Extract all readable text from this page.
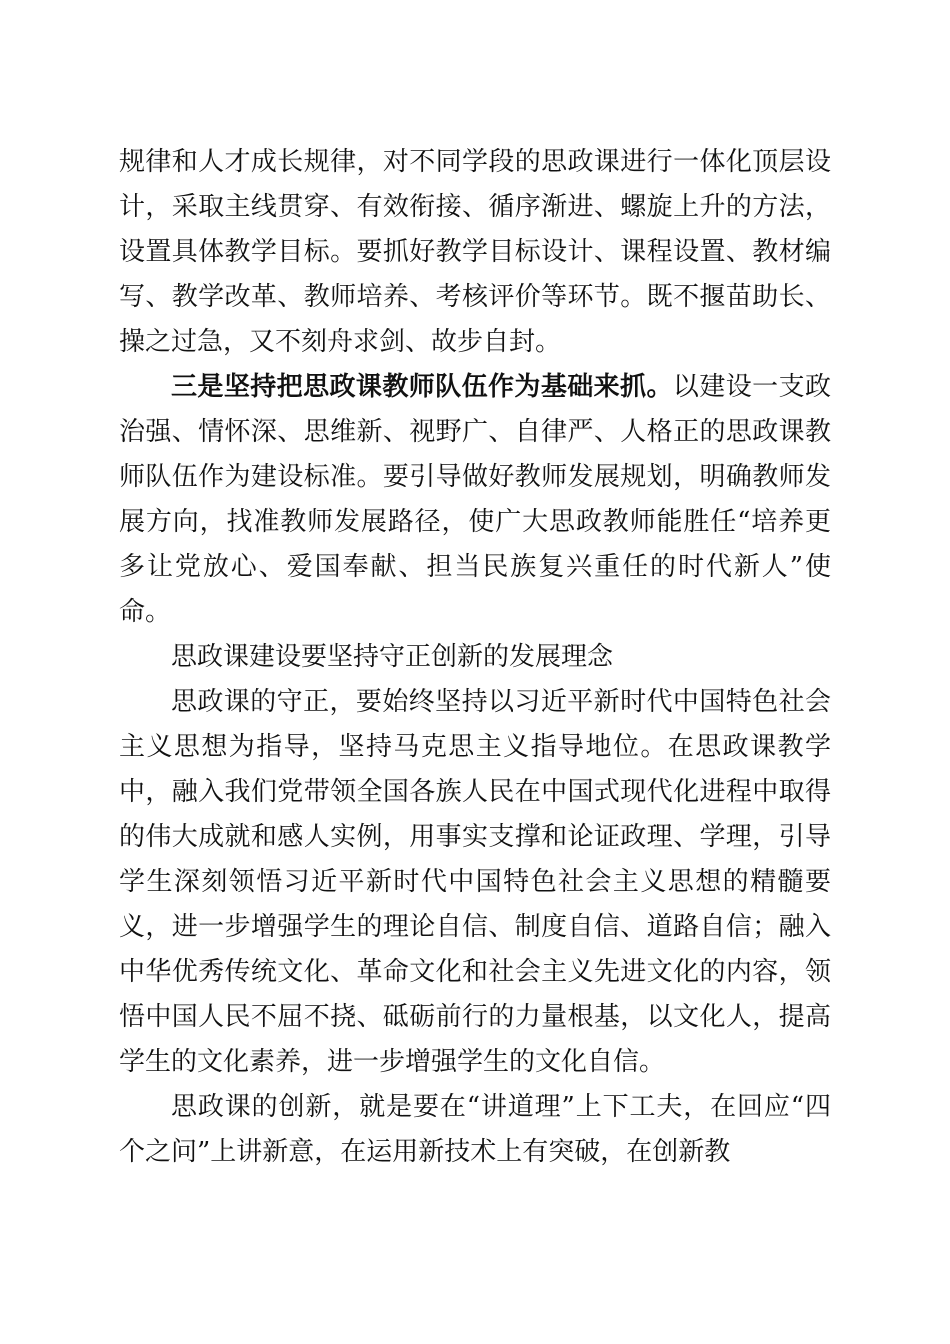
规律和人才成长规律，对不同学段的思政课进行一体化顶层设计，采取主线贯穿、有效衔接、循序渐进、螺旋上升的方法，设置具体教学目标。要抓好教学目标设计、课程设置、教材编写、教学改革、教师培养、考核评价等环节。既不揠苗助长、操之过急，又不刻舟求剑、故步自封。

三是坚持把思政课教师队伍作为基础来抓。以建设一支政治强、情怀深、思维新、视野广、自律严、人格正的思政课教师队伍作为建设标准。要引导做好教师发展规划，明确教师发展方向，找准教师发展路径，使广大思政教师能胜任“培养更多让党放心、爱国奉献、担当民族复兴重任的时代新人”使命。

思政课建设要坚持守正创新的发展理念

思政课的守正，要始终坚持以习近平新时代中国特色社会主义思想为指导，坚持马克思主义指导地位。在思政课教学中，融入我们党带领全国各族人民在中国式现代化进程中取得的伟大成就和感人实例，用事实支撑和论证政理、学理，引导学生深刻领悟习近平新时代中国特色社会主义思想的精髓要义，进一步增强学生的理论自信、制度自信、道路自信；融入中华优秀传统文化、革命文化和社会主义先进文化的内容，领悟中国人民不屈不挠、砥砺前行的力量根基，以文化人，提高学生的文化素养，进一步增强学生的文化自信。

思政课的创新，就是要在“讲道理”上下工夫，在回应“四个之问”上讲新意，在运用新技术上有突破，在创新教
